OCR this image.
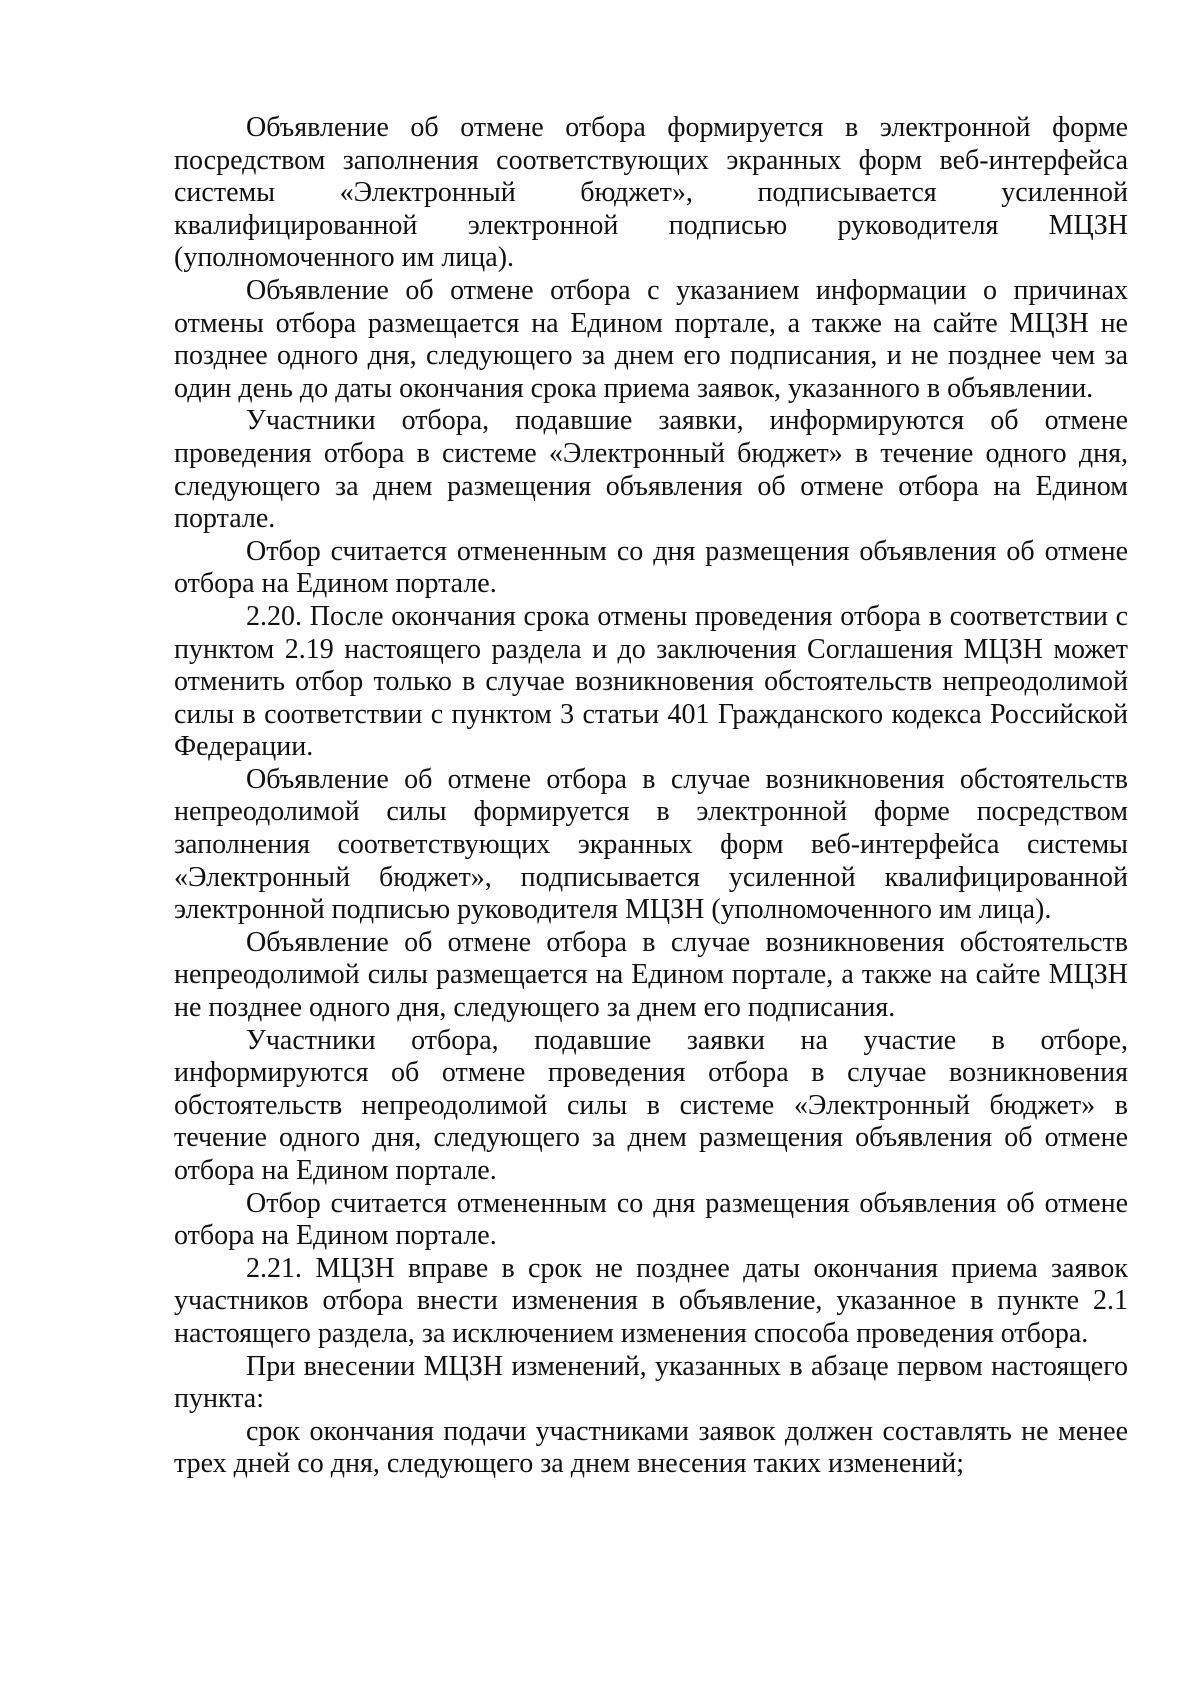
Объявление об отмене отбора формируется в электронной форме посредством заполнения соответствующих экранных форм веб-интерфейса системы «Электронный бюджет», подписывается усиленной квалифицированной электронной подписью руководителя МЦЗН (уполномоченного им лица).

Объявление об отмене отбора с указанием информации о причинах отмены отбора размещается на Едином портале, а также на сайте МЦЗН не позднее одного дня, следующего за днем его подписания, и не позднее чем за один день до даты окончания срока приема заявок, указанного в объявлении.

Участники отбора, подавшие заявки, информируются об отмене проведения отбора в системе «Электронный бюджет» в течение одного дня, следующего за днем размещения объявления об отмене отбора на Едином портале.

Отбор считается отмененным со дня размещения объявления об отмене отбора на Едином портале.

2.20. После окончания срока отмены проведения отбора в соответствии с пунктом 2.19 настоящего раздела и до заключения Соглашения МЦЗН может отменить отбор только в случае возникновения обстоятельств непреодолимой силы в соответствии с пунктом 3 статьи 401 Гражданского кодекса Российской Федерации.

Объявление об отмене отбора в случае возникновения обстоятельств непреодолимой силы формируется в электронной форме посредством заполнения соответствующих экранных форм веб-интерфейса системы «Электронный бюджет», подписывается усиленной квалифицированной электронной подписью руководителя МЦЗН (уполномоченного им лица).

Объявление об отмене отбора в случае возникновения обстоятельств непреодолимой силы размещается на Едином портале, а также на сайте МЦЗН не позднее одного дня, следующего за днем его подписания.

Участники отбора, подавшие заявки на участие в отборе, информируются об отмене проведения отбора в случае возникновения обстоятельств непреодолимой силы в системе «Электронный бюджет» в течение одного дня, следующего за днем размещения объявления об отмене отбора на Едином портале.

Отбор считается отмененным со дня размещения объявления об отмене отбора на Едином портале.

2.21. МЦЗН вправе в срок не позднее даты окончания приема заявок участников отбора внести изменения в объявление, указанное в пункте 2.1 настоящего раздела, за исключением изменения способа проведения отбора.

При внесении МЦЗН изменений, указанных в абзаце первом настоящего пункта:

срок окончания подачи участниками заявок должен составлять не менее трех дней со дня, следующего за днем внесения таких изменений;
